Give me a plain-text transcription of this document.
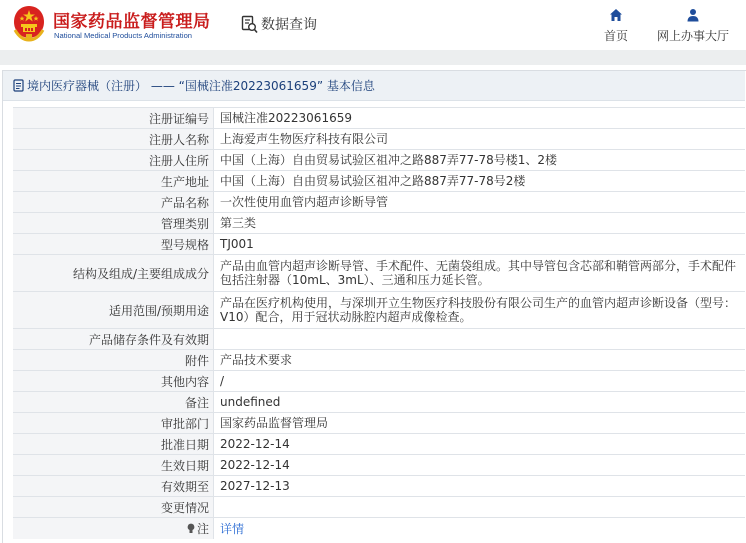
国家药品监督管理局
National Medical Products Administration
数据查询
首页 网上办事大厅
境内医疗器械（注册） —— “国械注准20223061659” 基本信息
注册证编号 国械注准20223061659
注册人名称 上海爱声生物医疗科技有限公司
注册人住所 中国（上海）自由贸易试验区祖冲之路887弄77-78号楼1、2楼
生产地址 中国（上海）自由贸易试验区祖冲之路887弄77-78号2楼
产品名称 一次性使用血管内超声诊断导管
管理类别 第三类
型号规格 TJ001
结构及组成/主要组成成分
产品由血管内超声诊断导管、手术配件、无菌袋组成。其中导管包含芯部和鞘管两部分，手术配件包括注射器（10mL、3mL）、三通和压力延长管。
适用范围/预期用途
产品在医疗机构使用，与深圳开立生物医疗科技股份有限公司生产的血管内超声诊断设备（型号：V10）配合，用于冠状动脉腔内超声成像检查。
产品储存条件及有效期
附件 产品技术要求
其他内容 /
备注 undefined
审批部门 国家药品监督管理局
批准日期 2022-12-14
生效日期 2022-12-14
有效期至 2027-12-13
变更情况
注 详情
